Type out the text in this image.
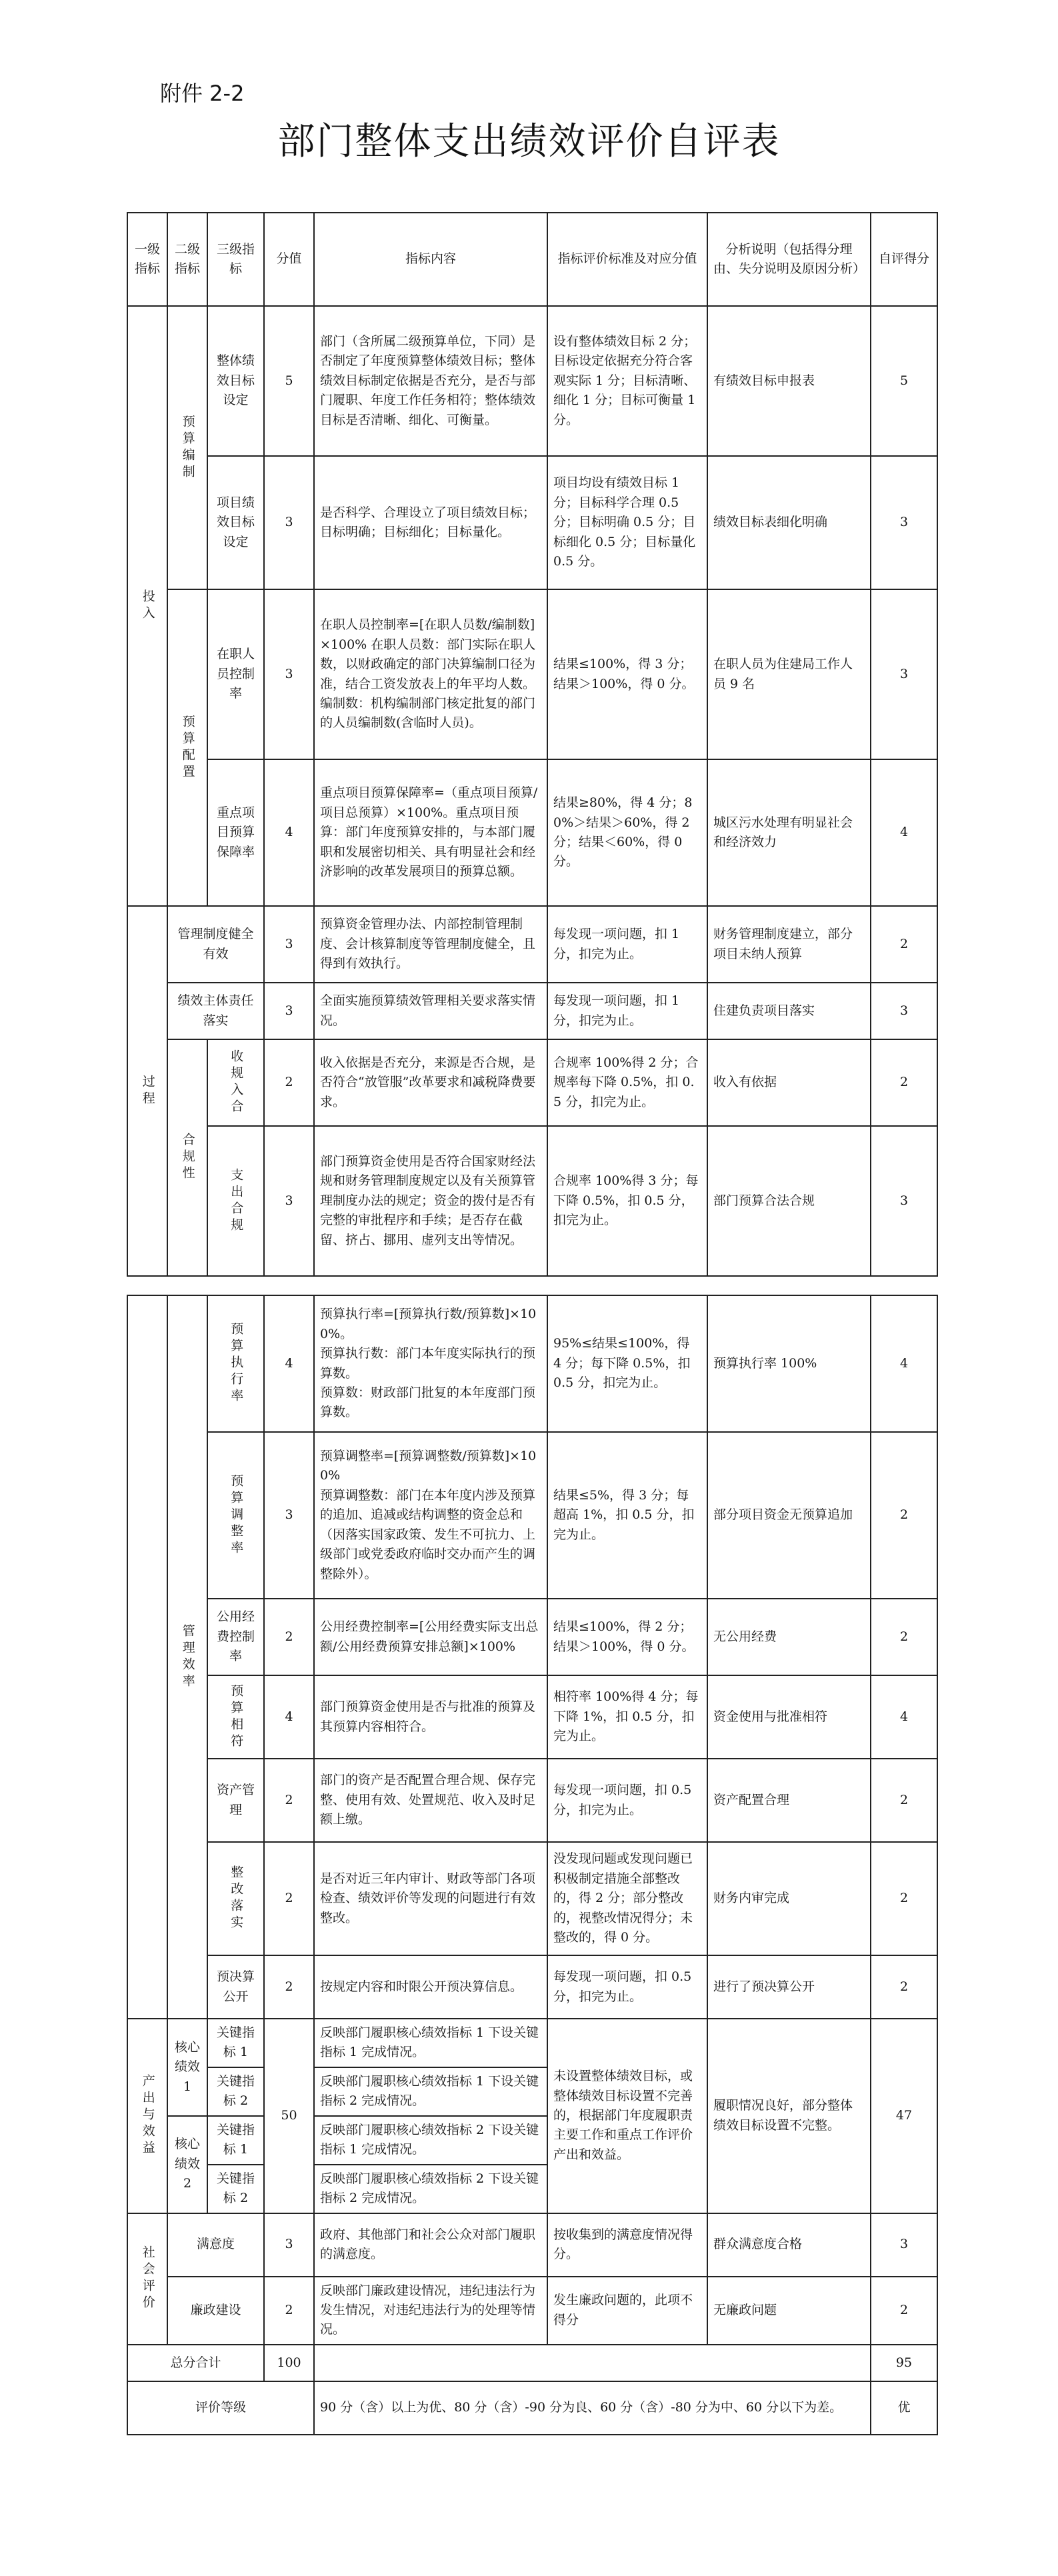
附件 2-2
部门整体支出绩效评价自评表
一级指标	二级指标	三级指标	分值	指标内容	指标评价标准及对应分值	分析说明（包括得分理由、失分说明及原因分析）	自评得分

投入	预算编制	整体绩效目标设定	5	部门（含所属二级预算单位，下同）是否制定了年度预算整体绩效目标；整体绩效目标制定依据是否充分，是否与部门履职、年度工作任务相符；整体绩效目标是否清晰、细化、可衡量。	设有整体绩效目标 2 分；目标设定依据充分符合客观实际 1 分；目标清晰、细化 1 分；目标可衡量 1 分。	有绩效目标申报表	5
		项目绩效目标设定	3	是否科学、合理设立了项目绩效目标；目标明确；目标细化；目标量化。	项目均设有绩效目标 1 分；目标科学合理 0.5 分；目标明确 0.5 分；目标细化 0.5 分；目标量化 0.5 分。	绩效目标表细化明确	3

	预算配置	在职人员控制率	3	在职人员控制率=[在职人员数/编制数]×100% 在职人员数：部门实际在职人数，以财政确定的部门决算编制口径为准，结合工资发放表上的年平均人数。编制数：机构编制部门核定批复的部门的人员编制数(含临时人员)。	结果≤100%，得 3 分；结果＞100%，得 0 分。	在职人员为住建局工作人员 9 名	3
		重点项目预算保障率	4	重点项目预算保障率=（重点项目预算/项目总预算）×100%。重点项目预算：部门年度预算安排的，与本部门履职和发展密切相关、具有明显社会和经济影响的改革发展项目的预算总额。	结果≥80%，得 4 分；80%＞结果＞60%，得 2 分；结果＜60%，得 0 分。	城区污水处理有明显社会和经济效力	4

过程	管理制度健全有效		3	预算资金管理办法、内部控制管理制度、会计核算制度等管理制度健全，且得到有效执行。	每发现一项问题，扣 1 分，扣完为止。	财务管理制度建立，部分项目未纳人预算	2
	绩效主体责任落实		3	全面实施预算绩效管理相关要求落实情况。	每发现一项问题，扣 1 分，扣完为止。	住建负责项目落实	3

	合规性	收规入合	2	收入依据是否充分，来源是否合规，是否符合“放管服”改革要求和减税降费要求。	合规率 100%得 2 分；合规率每下降 0.5%，扣 0.5 分，扣完为止。	收入有依据	2

		支出合规	3	部门预算资金使用是否符合国家财经法规和财务管理制度规定以及有关预算管理制度办法的规定；资金的拨付是否有完整的审批程序和手续；是否存在截留、挤占、挪用、虚列支出等情况。	合规率 100%得 3 分；每下降 0.5%，扣 0.5 分，扣完为止。	部门预算合法合规	3

	管理效率	预算执行率	4	预算执行率=[预算执行数/预算数]×100%。
预算执行数：部门本年度实际执行的预算数。
预算数：财政部门批复的本年度部门预算数。	95%≤结果≤100%，得 4 分；每下降 0.5%，扣 0.5 分，扣完为止。	预算执行率 100%	4

		预算调整率	3	预算调整率=[预算调整数/预算数]×100%
预算调整数：部门在本年度内涉及预算的追加、追减或结构调整的资金总和（因落实国家政策、发生不可抗力、上级部门或党委政府临时交办而产生的调整除外）。	结果≤5%，得 3 分；每超高 1%，扣 0.5 分，扣完为止。	部分项目资金无预算追加	2
		公用经费控制率	2	公用经费控制率=[公用经费实际支出总额/公用经费预算安排总额]×100%	结果≤100%，得 2 分；结果＞100%，得 0 分。	无公用经费	2

		预算相符	4	部门预算资金使用是否与批准的预算及其预算内容相符合。	相符率 100%得 4 分；每下降 1%，扣 0.5 分，扣完为止。	资金使用与批准相符	4
		资产管理	2	部门的资产是否配置合理合规、保存完整、使用有效、处置规范、收入及时足额上缴。	每发现一项问题，扣 0.5 分，扣完为止。	资产配置合理	2

		整改落实	2	是否对近三年内审计、财政等部门各项检查、绩效评价等发现的问题进行有效整改。	没发现问题或发现问题已积极制定措施全部整改的，得 2 分；部分整改的，视整改情况得分；未整改的，得 0 分。	财务内审完成	2
		预决算公开	2	按规定内容和时限公开预决算信息。	每发现一项问题，扣 0.5 分，扣完为止。	进行了预决算公开	2

产出与效益	核心绩效 1	关键指标 1	50	反映部门履职核心绩效指标 1 下设关键指标 1 完成情况。	未设置整体绩效目标，或整体绩效目标设置不完善的，根据部门年度履职责主要工作和重点工作评价产出和效益。	履职情况良好，部分整体绩效目标设置不完整。	47
		关键指标 2		反映部门履职核心绩效指标 1 下设关键指标 2 完成情况。			
	核心绩效 2	关键指标 1		反映部门履职核心绩效指标 2 下设关键指标 1 完成情况。			
		关键指标 2		反映部门履职核心绩效指标 2 下设关键指标 2 完成情况。			

社会评价	满意度		3	政府、其他部门和社会公众对部门履职的满意度。	按收集到的满意度情况得分。	群众满意度合格	3
	廉政建设		2	反映部门廉政建设情况，违纪违法行为发生情况，对违纪违法行为的处理等情况。	发生廉政问题的，此项不得分	无廉政问题	2
总分合计			100				95
评价等级				90 分（含）以上为优、80 分（含）-90 分为良、60 分（含）-80 分为中、60 分以下为差。			优
